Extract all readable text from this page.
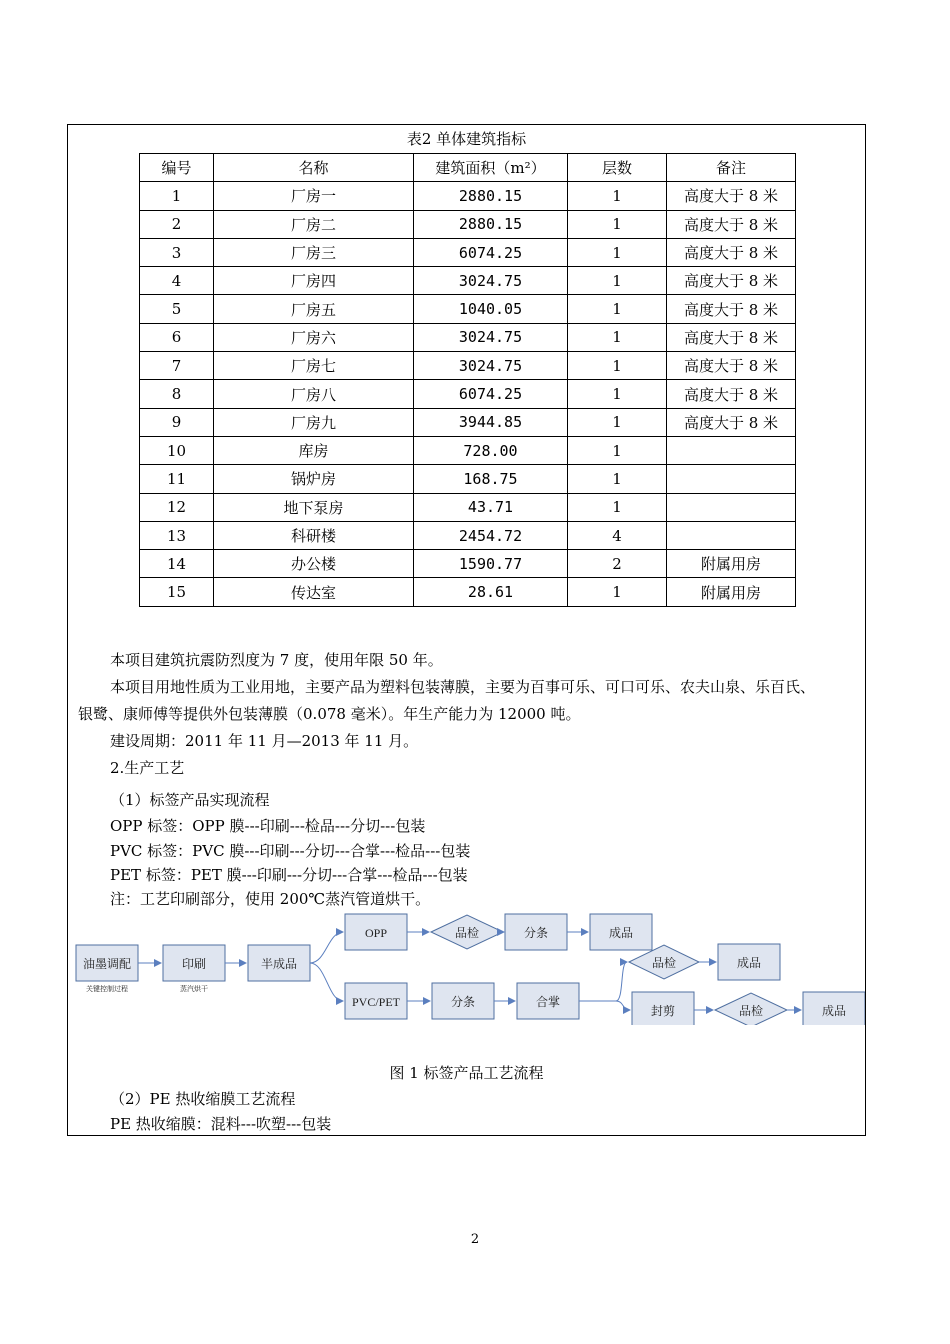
表2 单体建筑指标
编号	名称	建筑面积（m²）	层数	备注
1	厂房一	2880.15	1	高度大于 8 米
2	厂房二	2880.15	1	高度大于 8 米
3	厂房三	6074.25	1	高度大于 8 米
4	厂房四	3024.75	1	高度大于 8 米
5	厂房五	1040.05	1	高度大于 8 米
6	厂房六	3024.75	1	高度大于 8 米
7	厂房七	3024.75	1	高度大于 8 米
8	厂房八	6074.25	1	高度大于 8 米
9	厂房九	3944.85	1	高度大于 8 米
10	库房	728.00	1	
11	锅炉房	168.75	1	
12	地下泵房	43.71	1	
13	科研楼	2454.72	4	
14	办公楼	1590.77	2	附属用房
15	传达室	28.61	1	附属用房
本项目建筑抗震防烈度为 7 度，使用年限 50 年。
本项目用地性质为工业用地，主要产品为塑料包装薄膜，主要为百事可乐、可口可乐、农夫山泉、乐百氏、
银鹭、康师傅等提供外包装薄膜（0.078 毫米）。年生产能力为 12000 吨。
建设周期：2011 年 11 月—2013 年 11 月。
2.生产工艺
（1）标签产品实现流程
OPP 标签：OPP 膜---印刷---检品---分切---包装
PVC 标签：PVC 膜---印刷---分切---合掌---检品---包装
PET 标签：PET 膜---印刷---分切---合掌---检品---包装
注：工艺印刷部分，使用 200℃蒸汽管道烘干。
油墨调配
关键控制过程
印刷
蒸汽烘干
半成品
OPP	品检	分条	成品
PVC/PET	分条	合掌
品检	成品
封剪	品检	成品
图 1 标签产品工艺流程
（2）PE 热收缩膜工艺流程
PE 热收缩膜：混料---吹塑---包装
2
